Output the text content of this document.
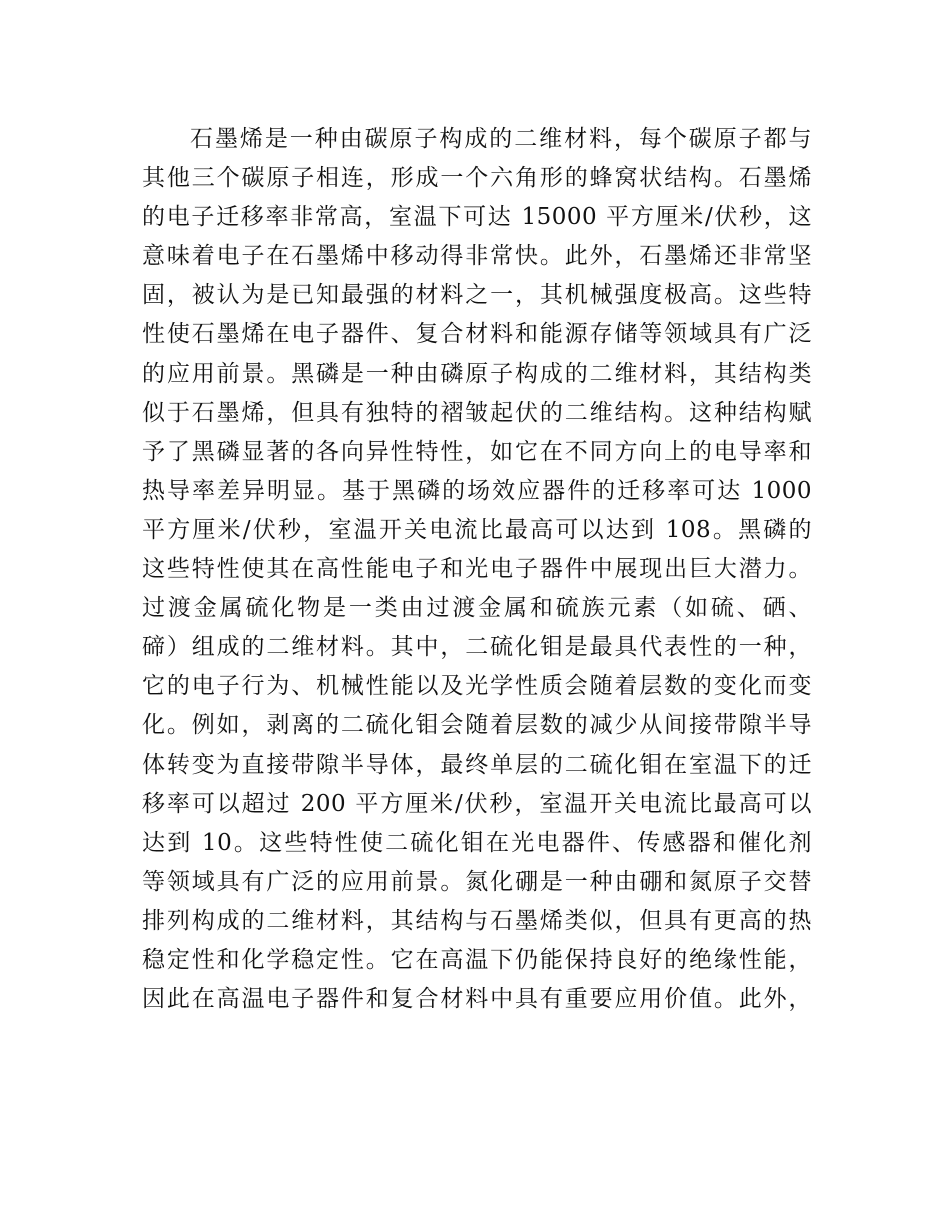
石墨烯是一种由碳原子构成的二维材料，每个碳原子都与
其他三个碳原子相连，形成一个六角形的蜂窝状结构。石墨烯
的电子迁移率非常高，室温下可达 15000 平方厘米/伏秒，这
意味着电子在石墨烯中移动得非常快。此外，石墨烯还非常坚
固，被认为是已知最强的材料之一，其机械强度极高。这些特
性使石墨烯在电子器件、复合材料和能源存储等领域具有广泛
的应用前景。黑磷是一种由磷原子构成的二维材料，其结构类
似于石墨烯，但具有独特的褶皱起伏的二维结构。这种结构赋
予了黑磷显著的各向异性特性，如它在不同方向上的电导率和
热导率差异明显。基于黑磷的场效应器件的迁移率可达 1000
平方厘米/伏秒，室温开关电流比最高可以达到 108。黑磷的
这些特性使其在高性能电子和光电子器件中展现出巨大潜力。
过渡金属硫化物是一类由过渡金属和硫族元素（如硫、硒、
碲）组成的二维材料。其中，二硫化钼是最具代表性的一种，
它的电子行为、机械性能以及光学性质会随着层数的变化而变
化。例如，剥离的二硫化钼会随着层数的减少从间接带隙半导
体转变为直接带隙半导体，最终单层的二硫化钼在室温下的迁
移率可以超过 200 平方厘米/伏秒，室温开关电流比最高可以
达到 10。这些特性使二硫化钼在光电器件、传感器和催化剂
等领域具有广泛的应用前景。氮化硼是一种由硼和氮原子交替
排列构成的二维材料，其结构与石墨烯类似，但具有更高的热
稳定性和化学稳定性。它在高温下仍能保持良好的绝缘性能，
因此在高温电子器件和复合材料中具有重要应用价值。此外，
